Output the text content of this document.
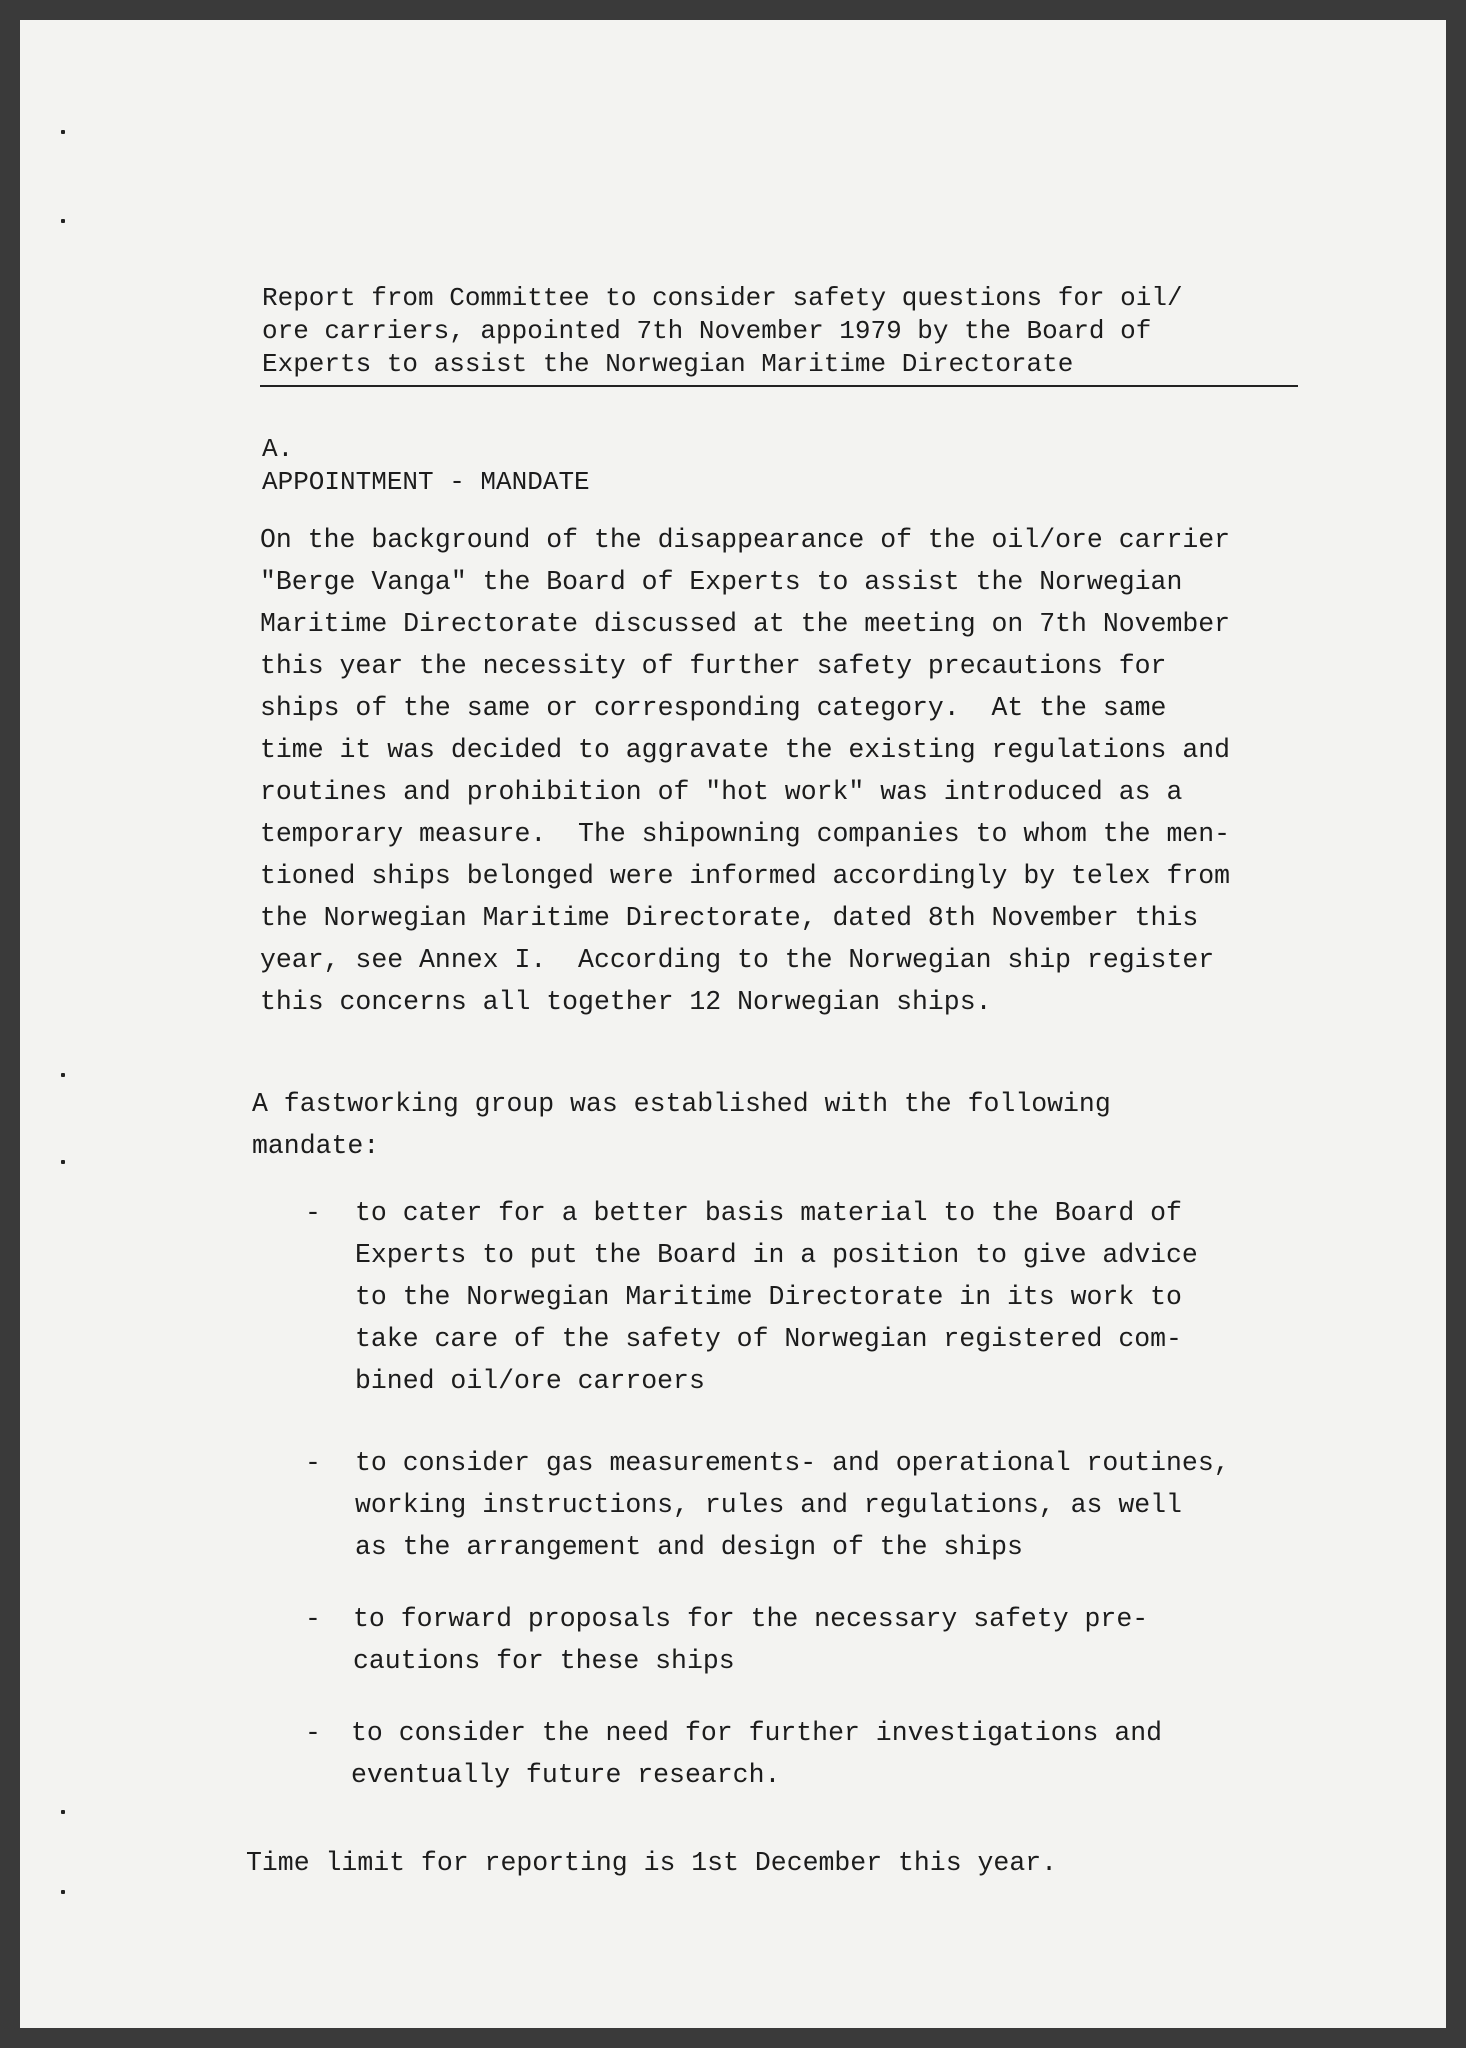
Report from Committee to consider safety questions for oil/
ore carriers, appointed 7th November 1979 by the Board of
Experts to assist the Norwegian Maritime Directorate
A.
APPOINTMENT - MANDATE
On the background of the disappearance of the oil/ore carrier
"Berge Vanga" the Board of Experts to assist the Norwegian
Maritime Directorate discussed at the meeting on 7th November
this year the necessity of further safety precautions for
ships of the same or corresponding category.  At the same
time it was decided to aggravate the existing regulations and
routines and prohibition of "hot work" was introduced as a
temporary measure.  The shipowning companies to whom the men-
tioned ships belonged were informed accordingly by telex from
the Norwegian Maritime Directorate, dated 8th November this
year, see Annex I.  According to the Norwegian ship register
this concerns all together 12 Norwegian ships.
A fastworking group was established with the following
mandate:
- to cater for a better basis material to the Board of
Experts to put the Board in a position to give advice
to the Norwegian Maritime Directorate in its work to
take care of the safety of Norwegian registered com-
bined oil/ore carroers
- to consider gas measurements- and operational routines,
working instructions, rules and regulations, as well
as the arrangement and design of the ships
- to forward proposals for the necessary safety pre-
cautions for these ships
- to consider the need for further investigations and
eventually future research.
Time limit for reporting is 1st December this year.
